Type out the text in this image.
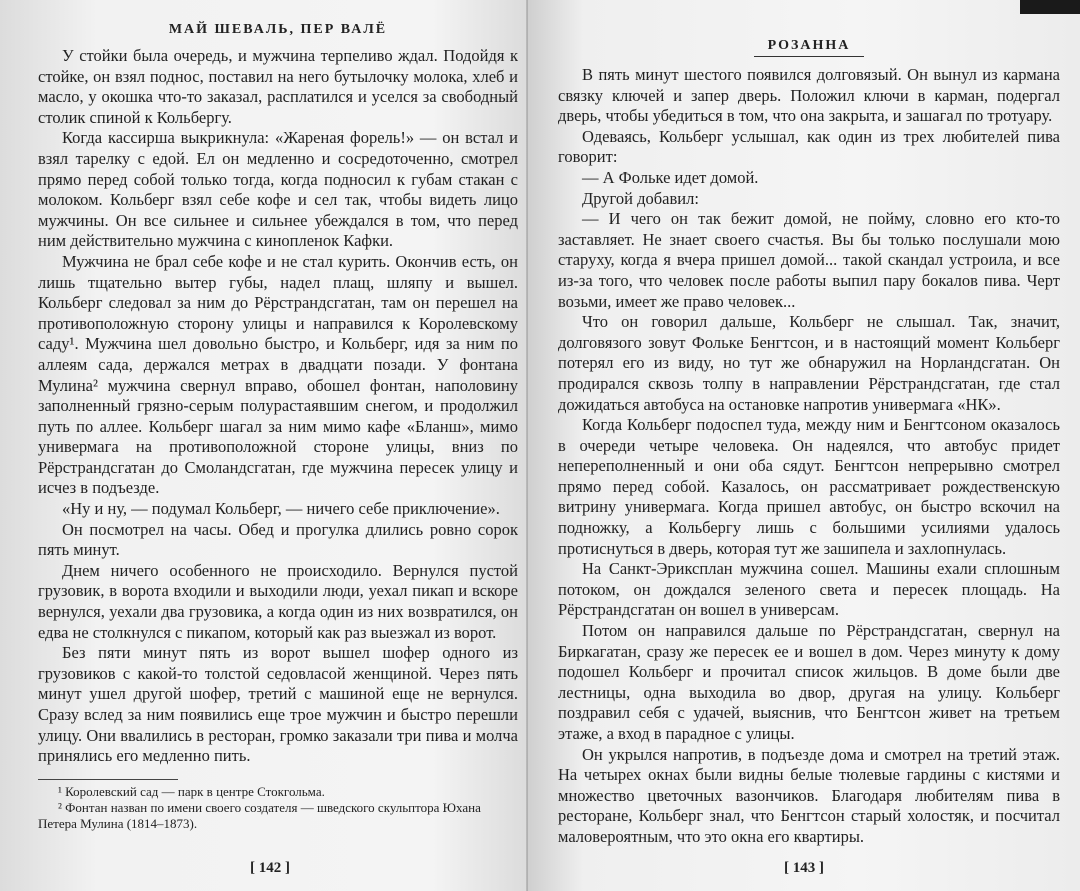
МАЙ ШЕВАЛЬ, ПЕР ВАЛЁ

У стойки была очередь, и мужчина терпеливо ждал. Подойдя к стойке, он взял поднос, поставил на него бутылочку молока, хлеб и масло, у окошка что-то заказал, расплатился и уселся за свободный столик спиной к Кольбергу.

Когда кассирша выкрикнула: «Жареная форель!» — он встал и взял тарелку с едой. Ел он медленно и сосредоточенно, смотрел прямо перед собой только тогда, когда подносил к губам стакан с молоком. Кольберг взял себе кофе и сел так, чтобы видеть лицо мужчины. Он все сильнее и сильнее убеждался в том, что перед ним действительно мужчина с кинопленок Кафки.

Мужчина не брал себе кофе и не стал курить. Окончив есть, он лишь тщательно вытер губы, надел плащ, шляпу и вышел. Кольберг следовал за ним до Рёрстрандсгатан, там он перешел на противоположную сторону улицы и направился к Королевскому саду¹. Мужчина шел довольно быстро, и Кольберг, идя за ним по аллеям сада, держался метрах в двадцати позади. У фонтана Мулина² мужчина свернул вправо, обошел фонтан, наполовину заполненный грязно-серым полурастаявшим снегом, и продолжил путь по аллее. Кольберг шагал за ним мимо кафе «Бланш», мимо универмага на противоположной стороне улицы, вниз по Рёрстрандсгатан до Смоландсгатан, где мужчина пересек улицу и исчез в подъезде.

«Ну и ну, — подумал Кольберг, — ничего себе приключение».

Он посмотрел на часы. Обед и прогулка длились ровно сорок пять минут.

Днем ничего особенного не происходило. Вернулся пустой грузовик, в ворота входили и выходили люди, уехал пикап и вскоре вернулся, уехали два грузовика, а когда один из них возвратился, он едва не столкнулся с пикапом, который как раз выезжал из ворот.

Без пяти минут пять из ворот вышел шофер одного из грузовиков с какой-то толстой седовласой женщиной. Через пять минут ушел другой шофер, третий с машиной еще не вернулся. Сразу вслед за ним появились еще трое мужчин и быстро перешли улицу. Они ввалились в ресторан, громко заказали три пива и молча принялись его медленно пить.

¹ Королевский сад — парк в центре Стокгольма.

² Фонтан назван по имени своего создателя — шведского скульптора Юхана Петера Мулина (1814–1873).

[ 142 ]
РОЗАННА

В пять минут шестого появился долговязый. Он вынул из кармана связку ключей и запер дверь. Положил ключи в карман, подергал дверь, чтобы убедиться в том, что она закрыта, и зашагал по тротуару.

Одеваясь, Кольберг услышал, как один из трех любителей пива говорит:

— А Фольке идет домой.

Другой добавил:

— И чего он так бежит домой, не пойму, словно его кто-то заставляет. Не знает своего счастья. Вы бы только послушали мою старуху, когда я вчера пришел домой... такой скандал устроила, и все из-за того, что человек после работы выпил пару бокалов пива. Черт возьми, имеет же право человек...

Что он говорил дальше, Кольберг не слышал. Так, значит, долговязого зовут Фольке Бенгтсон, и в настоящий момент Кольберг потерял его из виду, но тут же обнаружил на Норландсгатан. Он продирался сквозь толпу в направлении Рёрстрандсгатан, где стал дожидаться автобуса на остановке напротив универмага «НК».

Когда Кольберг подоспел туда, между ним и Бенгтсоном оказалось в очереди четыре человека. Он надеялся, что автобус придет непереполненный и они оба сядут. Бенгтсон непрерывно смотрел прямо перед собой. Казалось, он рассматривает рождественскую витрину универмага. Когда пришел автобус, он быстро вскочил на подножку, а Кольбергу лишь с большими усилиями удалось протиснуться в дверь, которая тут же зашипела и захлопнулась.

На Санкт-Эриксплан мужчина сошел. Машины ехали сплошным потоком, он дождался зеленого света и пересек площадь. На Рёрстрандсгатан он вошел в универсам.

Потом он направился дальше по Рёрстрандсгатан, свернул на Биркагатан, сразу же пересек ее и вошел в дом. Через минуту к дому подошел Кольберг и прочитал список жильцов. В доме были две лестницы, одна выходила во двор, другая на улицу. Кольберг поздравил себя с удачей, выяснив, что Бенгтсон живет на третьем этаже, а вход в парадное с улицы.

Он укрылся напротив, в подъезде дома и смотрел на третий этаж. На четырех окнах были видны белые тюлевые гардины с кистями и множество цветочных вазончиков. Благодаря любителям пива в ресторане, Кольберг знал, что Бенгтсон старый холостяк, и посчитал маловероятным, что это окна его квартиры.

[ 143 ]
